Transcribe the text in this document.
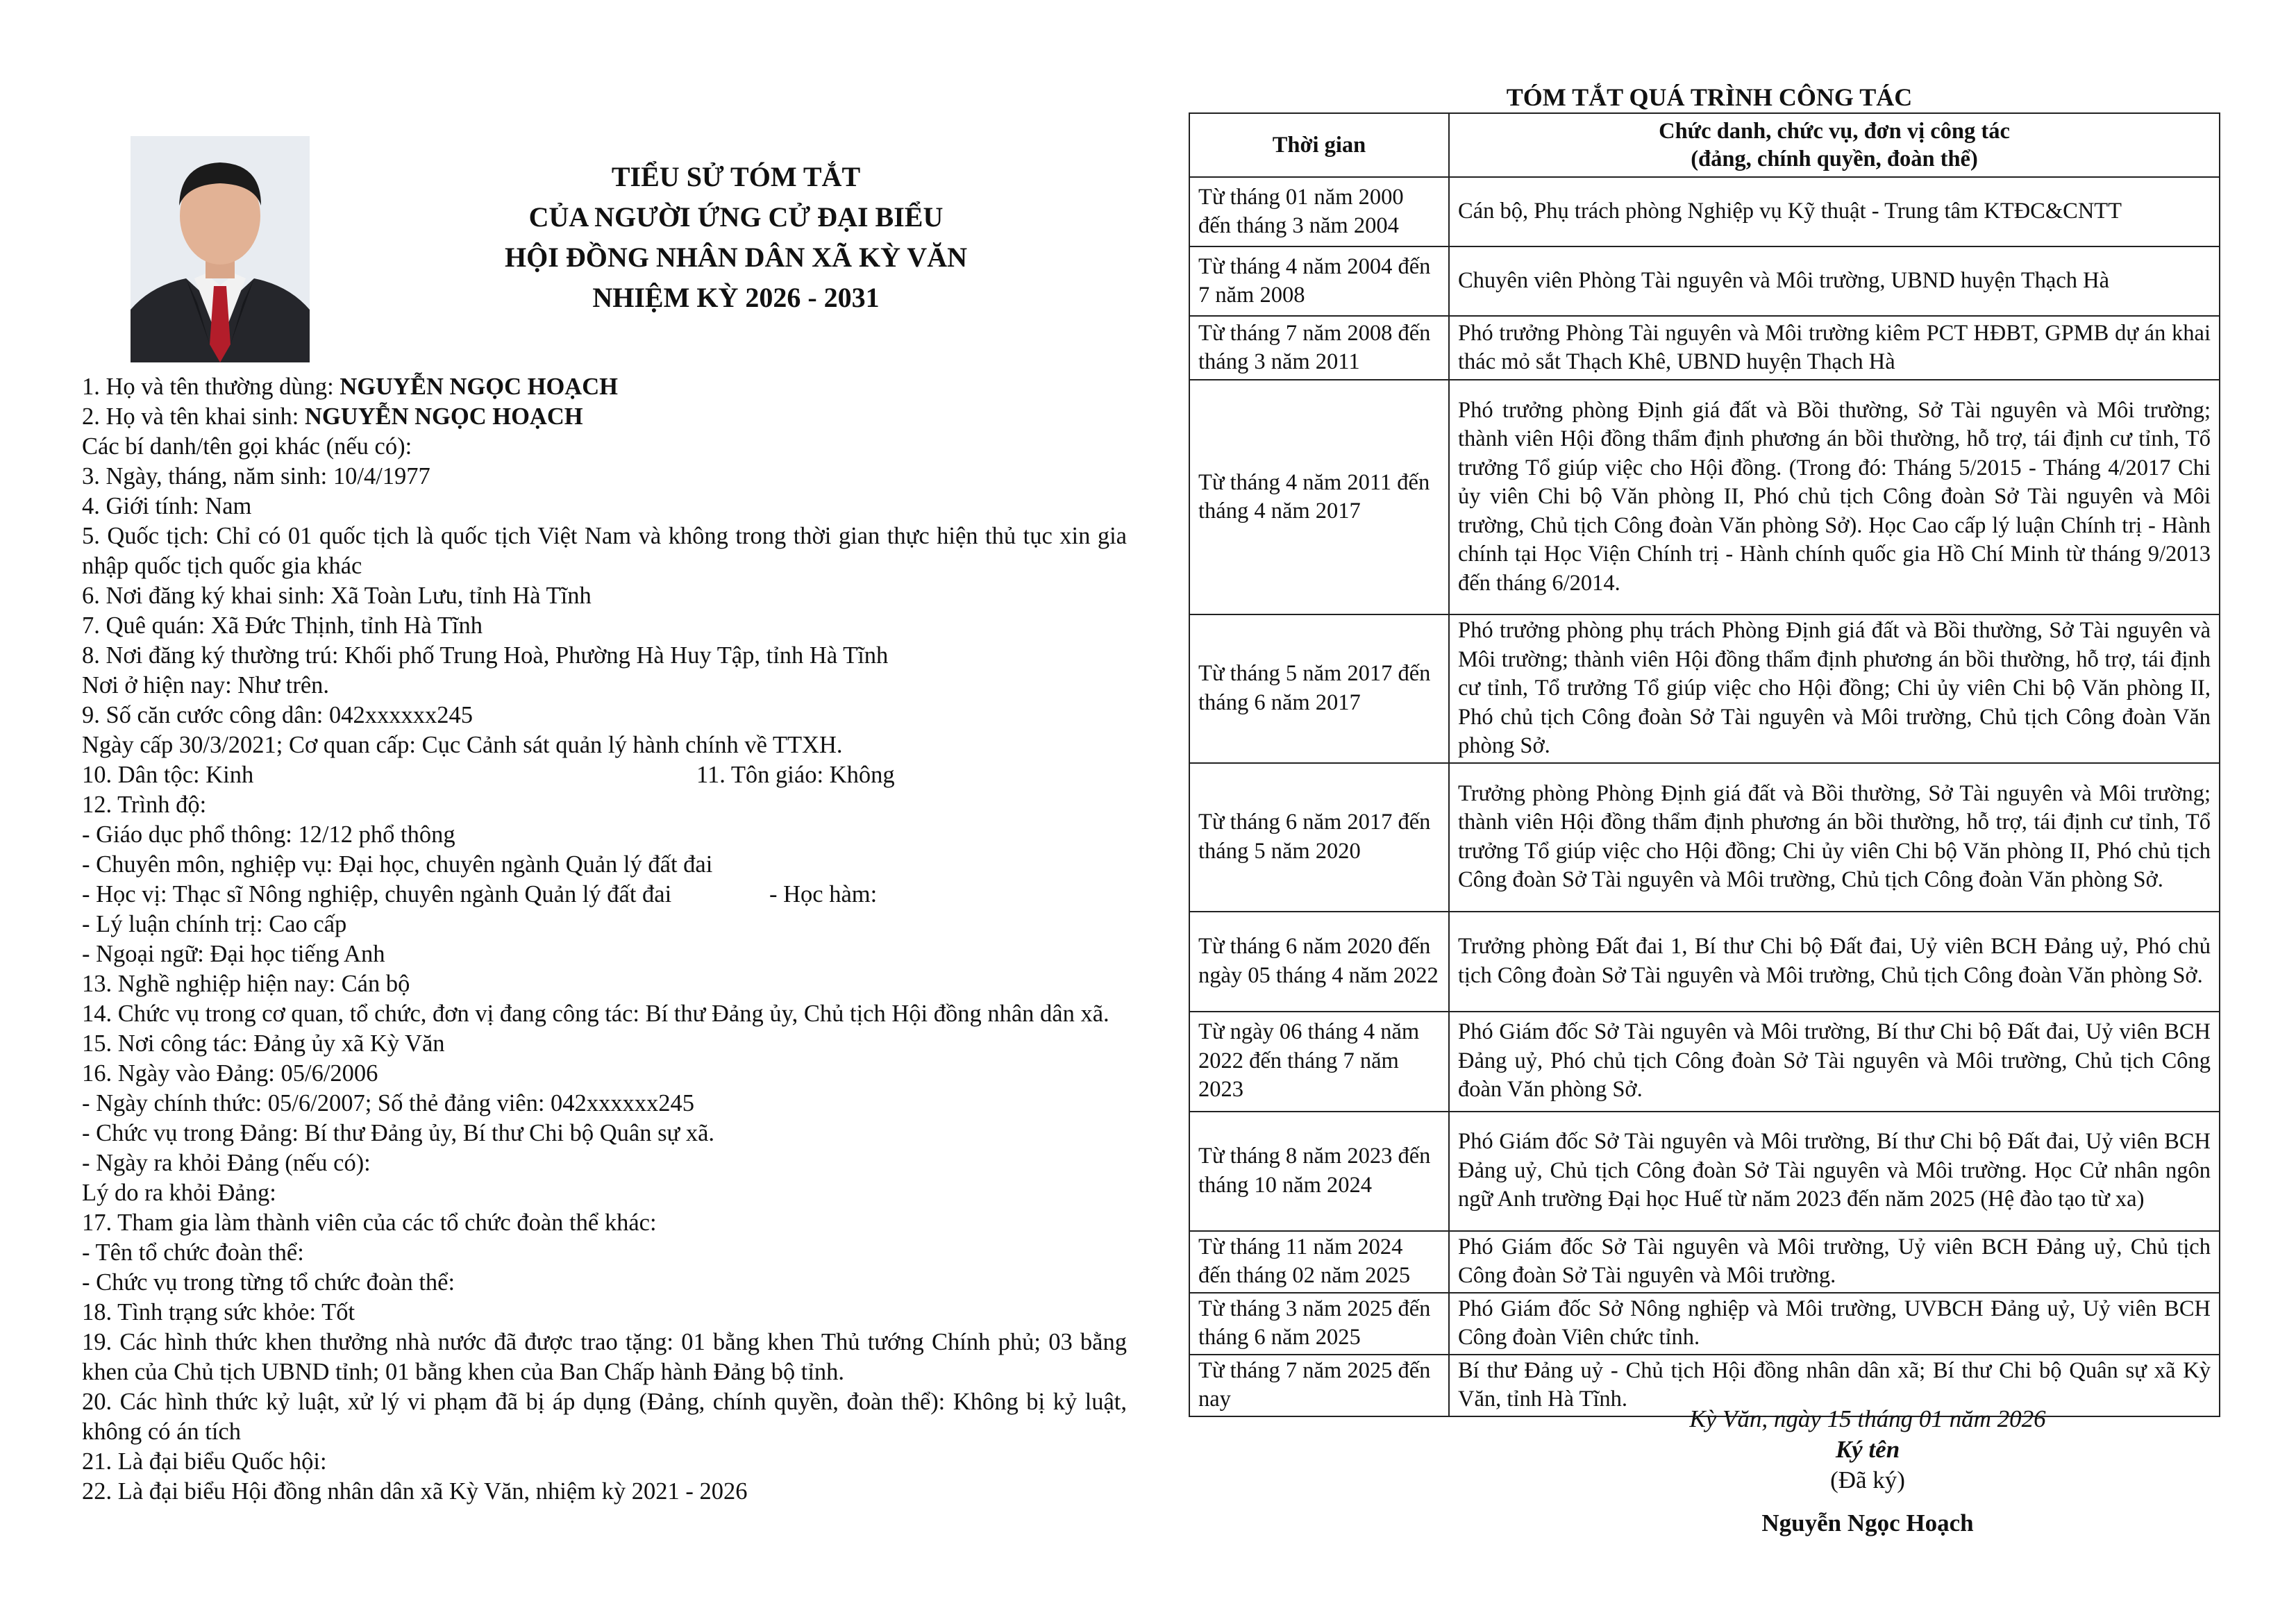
TIỂU SỬ TÓM TẮT
CỦA NGƯỜI ỨNG CỬ ĐẠI BIỂU
HỘI ĐỒNG NHÂN DÂN XÃ KỲ VĂN
NHIỆM KỲ 2026 - 2031
1. Họ và tên thường dùng: NGUYỄN NGỌC HOẠCH
2. Họ và tên khai sinh: NGUYỄN NGỌC HOẠCH
Các bí danh/tên gọi khác (nếu có):
3. Ngày, tháng, năm sinh: 10/4/1977
4. Giới tính: Nam
5. Quốc tịch: Chỉ có 01 quốc tịch là quốc tịch Việt Nam và không trong thời gian thực hiện thủ tục xin gia nhập quốc tịch quốc gia khác
6. Nơi đăng ký khai sinh: Xã Toàn Lưu, tỉnh Hà Tĩnh
7. Quê quán: Xã Đức Thịnh, tỉnh Hà Tĩnh
8. Nơi đăng ký thường trú: Khối phố Trung Hoà, Phường Hà Huy Tập, tỉnh Hà Tĩnh
Nơi ở hiện nay: Như trên.
9. Số căn cước công dân: 042xxxxxx245
Ngày cấp 30/3/2021; Cơ quan cấp: Cục Cảnh sát quản lý hành chính về TTXH.
10. Dân tộc: Kinh	11. Tôn giáo: Không
12. Trình độ:
- Giáo dục phổ thông: 12/12 phổ thông
- Chuyên môn, nghiệp vụ: Đại học, chuyên ngành Quản lý đất đai
- Học vị: Thạc sĩ Nông nghiệp, chuyên ngành Quản lý đất đai	- Học hàm:
- Lý luận chính trị: Cao cấp
- Ngoại ngữ: Đại học tiếng Anh
13. Nghề nghiệp hiện nay: Cán bộ
14. Chức vụ trong cơ quan, tổ chức, đơn vị đang công tác: Bí thư Đảng ủy, Chủ tịch Hội đồng nhân dân xã.
15. Nơi công tác: Đảng ủy xã Kỳ Văn
16. Ngày vào Đảng: 05/6/2006
- Ngày chính thức: 05/6/2007; Số thẻ đảng viên: 042xxxxxx245
- Chức vụ trong Đảng: Bí thư Đảng ủy, Bí thư Chi bộ Quân sự xã.
- Ngày ra khỏi Đảng (nếu có):
Lý do ra khỏi Đảng:
17. Tham gia làm thành viên của các tổ chức đoàn thể khác:
- Tên tổ chức đoàn thể:
- Chức vụ trong từng tổ chức đoàn thể:
18. Tình trạng sức khỏe: Tốt
19. Các hình thức khen thưởng nhà nước đã được trao tặng: 01 bằng khen Thủ tướng Chính phủ; 03 bằng khen của Chủ tịch UBND tỉnh; 01 bằng khen của Ban Chấp hành Đảng bộ tỉnh.
20. Các hình thức kỷ luật, xử lý vi phạm đã bị áp dụng (Đảng, chính quyền, đoàn thể): Không bị kỷ luật, không có án tích
21. Là đại biểu Quốc hội:
22. Là đại biểu Hội đồng nhân dân xã Kỳ Văn, nhiệm kỳ 2021 - 2026
TÓM TẮT QUÁ TRÌNH CÔNG TÁC
Thời gian	Chức danh, chức vụ, đơn vị công tác
(đảng, chính quyền, đoàn thể)

Từ tháng 01 năm 2000 đến tháng 3 năm 2004	Cán bộ, Phụ trách phòng Nghiệp vụ Kỹ thuật - Trung tâm KTĐC&CNTT
Từ tháng 4 năm 2004 đến 7 năm 2008	Chuyên viên Phòng Tài nguyên và Môi trường, UBND huyện Thạch Hà
Từ tháng 7 năm 2008 đến tháng 3 năm 2011	Phó trưởng Phòng Tài nguyên và Môi trường kiêm PCT HĐBT, GPMB dự án khai thác mỏ sắt Thạch Khê, UBND huyện Thạch Hà
Từ tháng 4 năm 2011 đến tháng 4 năm 2017	Phó trưởng phòng Định giá đất và Bồi thường, Sở Tài nguyên và Môi trường; thành viên Hội đồng thẩm định phương án bồi thường, hỗ trợ, tái định cư tỉnh, Tổ trưởng Tổ giúp việc cho Hội đồng. (Trong đó: Tháng 5/2015 - Tháng 4/2017 Chi ủy viên Chi bộ Văn phòng II, Phó chủ tịch Công đoàn Sở Tài nguyên và Môi trường, Chủ tịch Công đoàn Văn phòng Sở). Học Cao cấp lý luận Chính trị - Hành chính tại Học Viện Chính trị - Hành chính quốc gia Hồ Chí Minh từ tháng 9/2013 đến tháng 6/2014.
Từ tháng 5 năm 2017 đến tháng 6 năm 2017	Phó trưởng phòng phụ trách Phòng Định giá đất và Bồi thường, Sở Tài nguyên và Môi trường; thành viên Hội đồng thẩm định phương án bồi thường, hỗ trợ, tái định cư tỉnh, Tổ trưởng Tổ giúp việc cho Hội đồng; Chi ủy viên Chi bộ Văn phòng II, Phó chủ tịch Công đoàn Sở Tài nguyên và Môi trường, Chủ tịch Công đoàn Văn phòng Sở.
Từ tháng 6 năm 2017 đến tháng 5 năm 2020	Trưởng phòng Phòng Định giá đất và Bồi thường, Sở Tài nguyên và Môi trường; thành viên Hội đồng thẩm định phương án bồi thường, hỗ trợ, tái định cư tỉnh, Tổ trưởng Tổ giúp việc cho Hội đồng; Chi ủy viên Chi bộ Văn phòng II, Phó chủ tịch Công đoàn Sở Tài nguyên và Môi trường, Chủ tịch Công đoàn Văn phòng Sở.
Từ tháng 6 năm 2020 đến ngày 05 tháng 4 năm 2022	Trưởng phòng Đất đai 1, Bí thư Chi bộ Đất đai, Uỷ viên BCH Đảng uỷ, Phó chủ tịch Công đoàn Sở Tài nguyên và Môi trường, Chủ tịch Công đoàn Văn phòng Sở.
Từ ngày 06 tháng 4 năm 2022 đến tháng 7 năm 2023	Phó Giám đốc Sở Tài nguyên và Môi trường, Bí thư Chi bộ Đất đai, Uỷ viên BCH Đảng uỷ, Phó chủ tịch Công đoàn Sở Tài nguyên và Môi trường, Chủ tịch Công đoàn Văn phòng Sở.
Từ tháng 8 năm 2023 đến tháng 10 năm 2024	Phó Giám đốc Sở Tài nguyên và Môi trường, Bí thư Chi bộ Đất đai, Uỷ viên BCH Đảng uỷ, Chủ tịch Công đoàn Sở Tài nguyên và Môi trường. Học Cử nhân ngôn ngữ Anh trường Đại học Huế từ năm 2023 đến năm 2025 (Hệ đào tạo từ xa)
Từ tháng 11 năm 2024 đến tháng 02 năm 2025	Phó Giám đốc Sở Tài nguyên và Môi trường, Uỷ viên BCH Đảng uỷ, Chủ tịch Công đoàn Sở Tài nguyên và Môi trường.
Từ tháng 3 năm 2025 đến tháng 6 năm 2025	Phó Giám đốc Sở Nông nghiệp và Môi trường, UVBCH Đảng uỷ, Uỷ viên BCH Công đoàn Viên chức tỉnh.
Từ tháng 7 năm 2025 đến nay	Bí thư Đảng uỷ - Chủ tịch Hội đồng nhân dân xã; Bí thư Chi bộ Quân sự xã Kỳ Văn, tỉnh Hà Tĩnh.
Kỳ Văn, ngày 15 tháng 01 năm 2026
Ký tên
(Đã ký)
Nguyễn Ngọc Hoạch
